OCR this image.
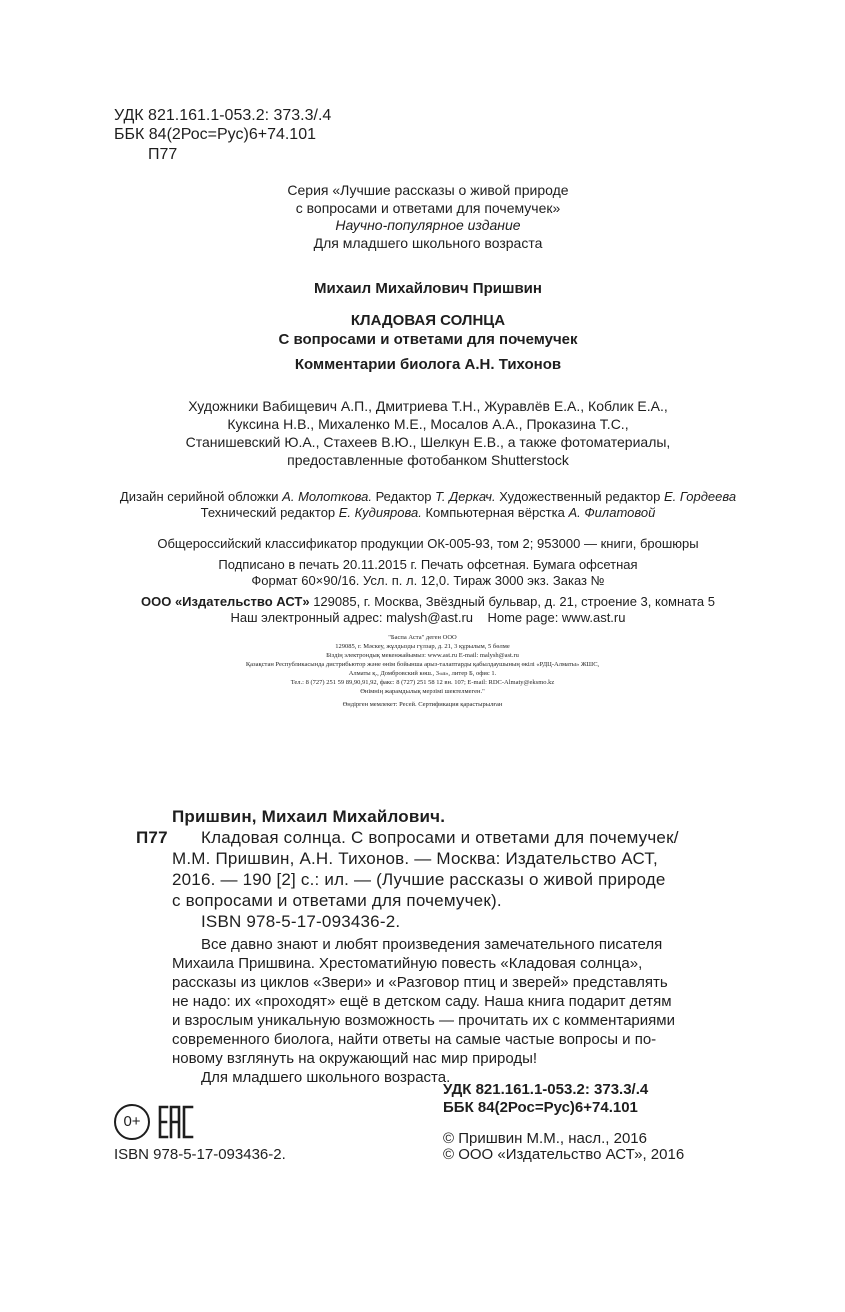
УДК 821.161.1-053.2: 373.3/.4
ББК 84(2Рос=Рус)6+74.101
П77
Серия «Лучшие рассказы о живой природе
с вопросами и ответами для почемучек»
Научно-популярное издание
Для младшего школьного возраста
Михаил Михайлович Пришвин
КЛАДОВАЯ СОЛНЦА
С вопросами и ответами для почемучек
Комментарии биолога А.Н. Тихонов
Художники Вабищевич А.П., Дмитриева Т.Н., Журавлёв Е.А., Коблик Е.А.,
Куксина Н.В., Михаленко М.Е., Мосалов А.А., Проказина Т.С.,
Станишевский Ю.А., Стахеев В.Ю., Шелкун Е.В., а также фотоматериалы,
предоставленные фотобанком Shutterstock
Дизайн серийной обложки А. Молоткова. Редактор Т. Деркач. Художественный редактор Е. Гордеева
Технический редактор Е. Кудиярова. Компьютерная вёрстка А. Филатовой
Общероссийский классификатор продукции ОК-005-93, том 2; 953000 — книги, брошюры
Подписано в печать 20.11.2015 г. Печать офсетная. Бумага офсетная
Формат 60×90/16. Усл. п. л. 12,0. Тираж 3000 экз. Заказ №
ООО «Издательство АСТ» 129085, г. Москва, Звёздный бульвар, д. 21, строение 3, комната 5
Наш электронный адрес: malysh@ast.ru    Home page: www.ast.ru
"Баспа Аста" деген ООО
129085, г. Мәскеу, жұлдызды гүлзар, д. 21, 3 құрылым, 5 бөлме
Біздің электрондық мекенжайымыз: www.ast.ru E-mail: malysh@ast.ru
Қазақстан Республикасында дистрибьютор және өнім бойынша арыз-талаптарды қабылдаушының өкілі «РДЦ-Алматы» ЖШС,
Алматы қ., Домбровский көш., 3«а», литер Б, офис 1.
Тел.: 8 (727) 251 59 89,90,91,92, факс: 8 (727) 251 58 12 вн. 107; E-mail: RDC-Almaty@eksmo.kz
Өнімнің жарамдылық мерзімі шектелмеген."
Өндірген мемлекет: Ресей. Сертификация қарастырылған
Пришвин, Михаил Михайлович.
П77 Кладовая солнца. С вопросами и ответами для почемучек/
М.М. Пришвин, А.Н. Тихонов. — Москва: Издательство АСТ,
2016. — 190 [2] с.: ил. — (Лучшие рассказы о живой природе
с вопросами и ответами для почемучек).
ISBN 978-5-17-093436-2.
Все давно знают и любят произведения замечательного писателя
Михаила Пришвина. Хрестоматийную повесть «Кладовая солнца»,
рассказы из циклов «Звери» и «Разговор птиц и зверей» представлять
не надо: их «проходят» ещё в детском саду. Наша книга подарит детям
и взрослым уникальную возможность — прочитать их с комментариями
современного биолога, найти ответы на самые частые вопросы и по-
новому взглянуть на окружающий нас мир природы!
Для младшего школьного возраста.
УДК 821.161.1-053.2: 373.3/.4
ББК 84(2Рос=Рус)6+74.101
0+
© Пришвин М.М., насл., 2016
© ООО «Издательство АСТ», 2016
ISBN 978-5-17-093436-2.
